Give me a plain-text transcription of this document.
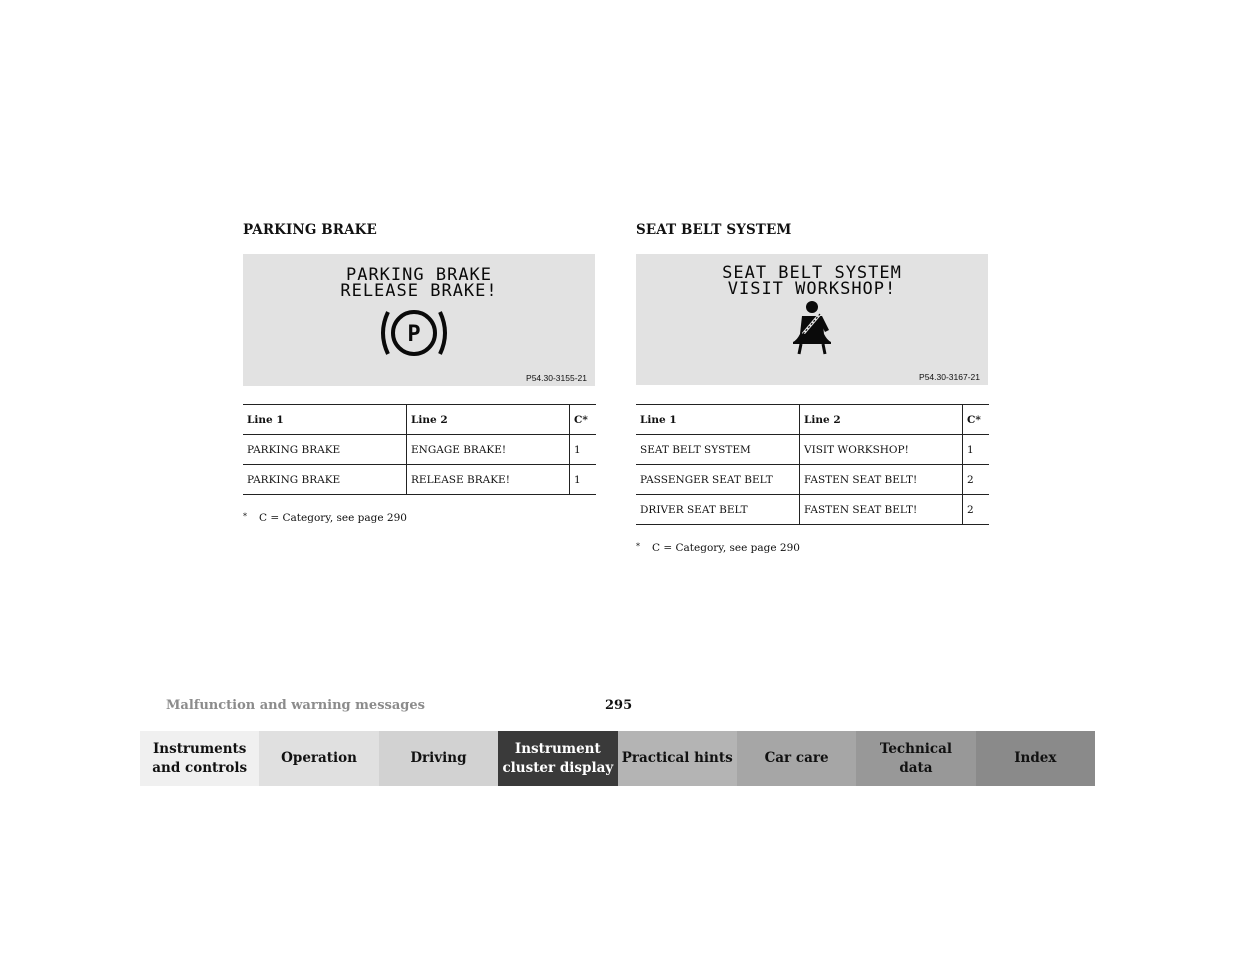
PARKING BRAKE
PARKING BRAKE
RELEASE BRAKE!
P
P54.30-3155-21
Line 1	Line 2	C*
PARKING BRAKE	ENGAGE BRAKE!	1
PARKING BRAKE	RELEASE BRAKE!	1
* C = Category, see page 290
SEAT BELT SYSTEM
SEAT BELT SYSTEM
VISIT WORKSHOP!
P54.30-3167-21
Line 1	Line 2	C*
SEAT BELT SYSTEM	VISIT WORKSHOP!	1
PASSENGER SEAT BELT	FASTEN SEAT BELT!	2
DRIVER SEAT BELT	FASTEN SEAT BELT!	2
* C = Category, see page 290
Malfunction and warning messages	295
Instruments
and controls
Operation	Driving
Instrument
cluster display
Practical hints	Car care
Technical
data
Index
